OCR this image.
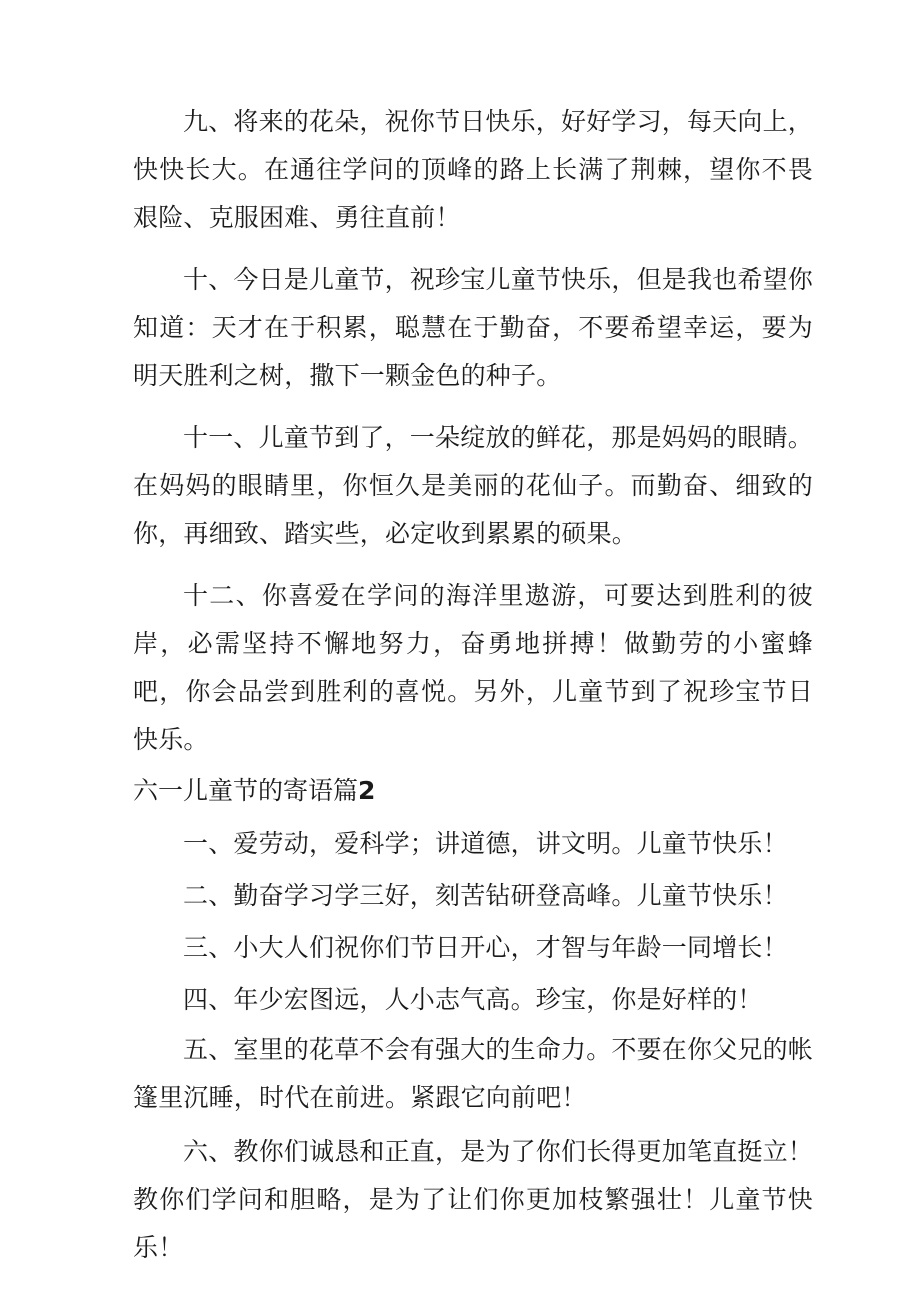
九、将来的花朵，祝你节日快乐，好好学习，每天向上，快快长大。在通往学问的顶峰的路上长满了荆棘，望你不畏艰险、克服困难、勇往直前！

十、今日是儿童节，祝珍宝儿童节快乐，但是我也希望你知道：天才在于积累，聪慧在于勤奋，不要希望幸运，要为明天胜利之树，撒下一颗金色的种子。

十一、儿童节到了，一朵绽放的鲜花，那是妈妈的眼睛。在妈妈的眼睛里，你恒久是美丽的花仙子。而勤奋、细致的你，再细致、踏实些，必定收到累累的硕果。

十二、你喜爱在学问的海洋里遨游，可要达到胜利的彼岸，必需坚持不懈地努力，奋勇地拼搏！做勤劳的小蜜蜂吧，你会品尝到胜利的喜悦。另外，儿童节到了祝珍宝节日快乐。

六一儿童节的寄语篇2

一、爱劳动，爱科学；讲道德，讲文明。儿童节快乐！

二、勤奋学习学三好，刻苦钻研登高峰。儿童节快乐！

三、小大人们祝你们节日开心，才智与年龄一同增长！

四、年少宏图远，人小志气高。珍宝，你是好样的！

五、室里的花草不会有强大的生命力。不要在你父兄的帐篷里沉睡，时代在前进。紧跟它向前吧！

六、教你们诚恳和正直，是为了你们长得更加笔直挺立！教你们学问和胆略，是为了让们你更加枝繁强壮！儿童节快乐！
